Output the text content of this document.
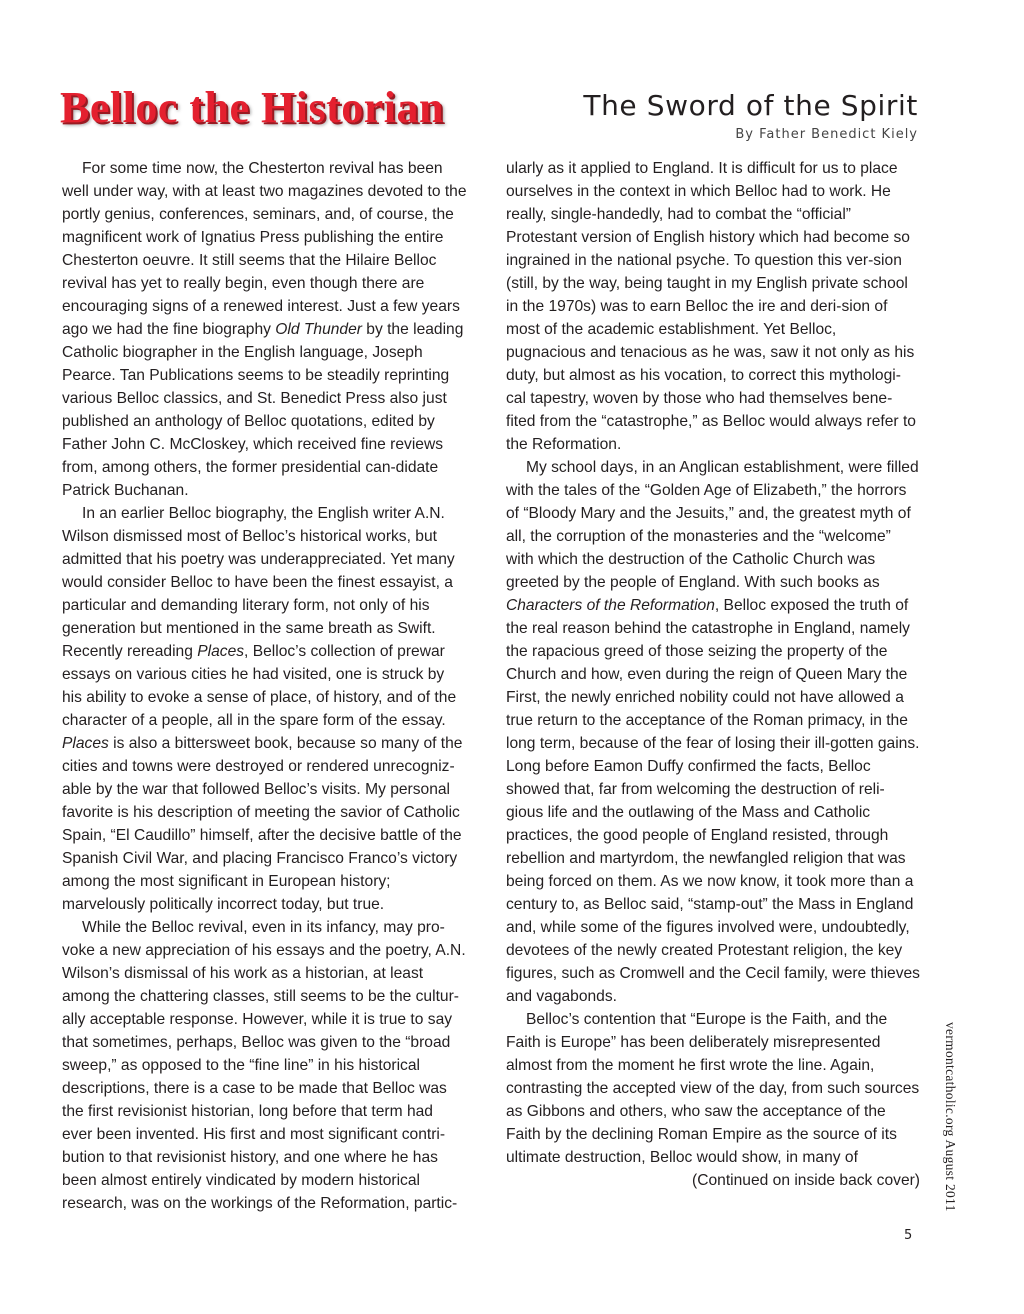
Belloc the Historian	The Sword of the Spirit
By Father Benedict Kiely

For some time now, the Chesterton revival has been well under way, with at least two magazines devoted to the portly genius, conferences, seminars, and, of course, the magnificent work of Ignatius Press publishing the entire Chesterton oeuvre. It still seems that the Hilaire Belloc revival has yet to really begin, even though there are encouraging signs of a renewed interest. Just a few years ago we had the fine biography Old Thunder by the leading Catholic biographer in the English language, Joseph Pearce. Tan Publications seems to be steadily reprinting various Belloc classics, and St. Benedict Press also just published an anthology of Belloc quotations, edited by Father John C. McCloskey, which received fine reviews from, among others, the former presidential can-didate Patrick Buchanan.

In an earlier Belloc biography, the English writer A.N. Wilson dismissed most of Belloc’s historical works, but admitted that his poetry was underappreciated. Yet many would consider Belloc to have been the finest essayist, a particular and demanding literary form, not only of his generation but mentioned in the same breath as Swift. Recently rereading Places, Belloc’s collection of prewar essays on various cities he had visited, one is struck by his ability to evoke a sense of place, of history, and of the character of a people, all in the spare form of the essay. Places is also a bittersweet book, because so many of the cities and towns were destroyed or rendered unrecogniz-able by the war that followed Belloc’s visits. My personal favorite is his description of meeting the savior of Catholic Spain, “El Caudillo” himself, after the decisive battle of the Spanish Civil War, and placing Francisco Franco’s victory among the most significant in European history; marvelously politically incorrect today, but true.

While the Belloc revival, even in its infancy, may pro-voke a new appreciation of his essays and the poetry, A.N. Wilson’s dismissal of his work as a historian, at least among the chattering classes, still seems to be the cultur-ally acceptable response. However, while it is true to say that sometimes, perhaps, Belloc was given to the “broad sweep,” as opposed to the “fine line” in his historical descriptions, there is a case to be made that Belloc was the first revisionist historian, long before that term had ever been invented. His first and most significant contri-bution to that revisionist history, and one where he has been almost entirely vindicated by modern historical research, was on the workings of the Reformation, partic-

ularly as it applied to England. It is difficult for us to place ourselves in the context in which Belloc had to work. He really, single-handedly, had to combat the “official” Protestant version of English history which had become so ingrained in the national psyche. To question this ver-sion (still, by the way, being taught in my English private school in the 1970s) was to earn Belloc the ire and deri-sion of most of the academic establishment. Yet Belloc, pugnacious and tenacious as he was, saw it not only as his duty, but almost as his vocation, to correct this mythologi-cal tapestry, woven by those who had themselves bene-fited from the “catastrophe,” as Belloc would always refer to the Reformation.

My school days, in an Anglican establishment, were filled with the tales of the “Golden Age of Elizabeth,” the horrors of “Bloody Mary and the Jesuits,” and, the greatest myth of all, the corruption of the monasteries and the “welcome” with which the destruction of the Catholic Church was greeted by the people of England. With such books as Characters of the Reformation, Belloc exposed the truth of the real reason behind the catastrophe in England, namely the rapacious greed of those seizing the property of the Church and how, even during the reign of Queen Mary the First, the newly enriched nobility could not have allowed a true return to the acceptance of the Roman primacy, in the long term, because of the fear of losing their ill-gotten gains. Long before Eamon Duffy confirmed the facts, Belloc showed that, far from welcoming the destruction of reli-gious life and the outlawing of the Mass and Catholic practices, the good people of England resisted, through rebellion and martyrdom, the newfangled religion that was being forced on them. As we now know, it took more than a century to, as Belloc said, “stamp-out” the Mass in England and, while some of the figures involved were, undoubtedly, devotees of the newly created Protestant religion, the key figures, such as Cromwell and the Cecil family, were thieves and vagabonds.

Belloc’s contention that “Europe is the Faith, and the Faith is Europe” has been deliberately misrepresented almost from the moment he first wrote the line. Again, contrasting the accepted view of the day, from such sources as Gibbons and others, who saw the acceptance of the Faith by the declining Roman Empire as the source of its ultimate destruction, Belloc would show, in many of

(Continued on inside back cover) vermontcatholic.org August 2011
5
